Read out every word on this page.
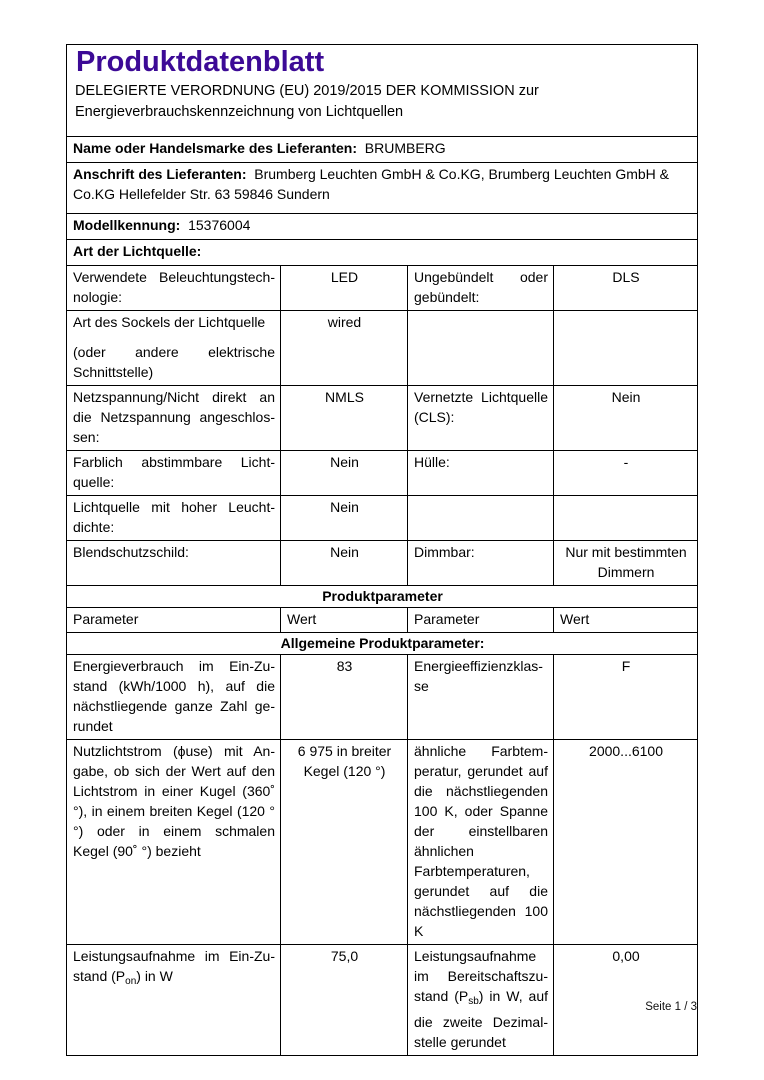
Produktdatenblatt
DELEGIERTE VERORDNUNG (EU) 2019/2015 DER KOMMISSION zur Energieverbrauchskennzeichnung von Lichtquellen			

Name oder Handelsmarke des Lieferanten: BRUMBERG			
Anschrift des Lieferanten: Brumberg Leuchten GmbH & Co.KG, Brumberg Leuchten GmbH & Co.KG Hellefelder Str. 63 59846 Sundern			
Modellkennung: 15376004			
Art der Lichtquelle:			
Verwendete Beleuchtungstechnologie:	LED	Ungebündelt oder gebündelt:	DLS

Art des Sockels der Lichtquelle
(oder andere elektrische Schnittstelle)	wired		
Netzspannung/Nicht direkt an die Netzspannung angeschlossen:	NMLS	Vernetzte Lichtquelle (CLS):	Nein
Farblich abstimmbare Lichtquelle:	Nein	Hülle:	-
Lichtquelle mit hoher Leuchtdichte:	Nein		
Blendschutzschild:	Nein	Dimmbar:	Nur mit bestimmten Dimmern
Produktparameter			
Parameter	Wert	Parameter	Wert
Allgemeine Produktparameter:			
Energieverbrauch im Ein-Zustand (kWh/1000 h), auf die nächstliegende ganze Zahl gerundet	83	Energieeffizienzklasse	F
Nutzlichtstrom (ϕuse) mit Angabe, ob sich der Wert auf den Lichtstrom in einer Kugel (360˚ °), in einem breiten Kegel (120 °°) oder in einem schmalen Kegel (90˚ °) bezieht	6 975 in breiter Kegel (120 °)	ähnliche Farbtemperatur, gerundet auf die nächstliegenden 100 K, oder Spanne der einstellbaren ähnlichen Farbtemperaturen, gerundet auf die nächstliegenden 100 K	2000...6100
Leistungsaufnahme im Ein-Zustand $(P_{on})$ in W	75,0	Leistungsaufnahme im Bereitschaftszustand $(P_{sb})$ in W, auf die zweite Dezimalstelle gerundet	0,00
Seite 1 / 3
